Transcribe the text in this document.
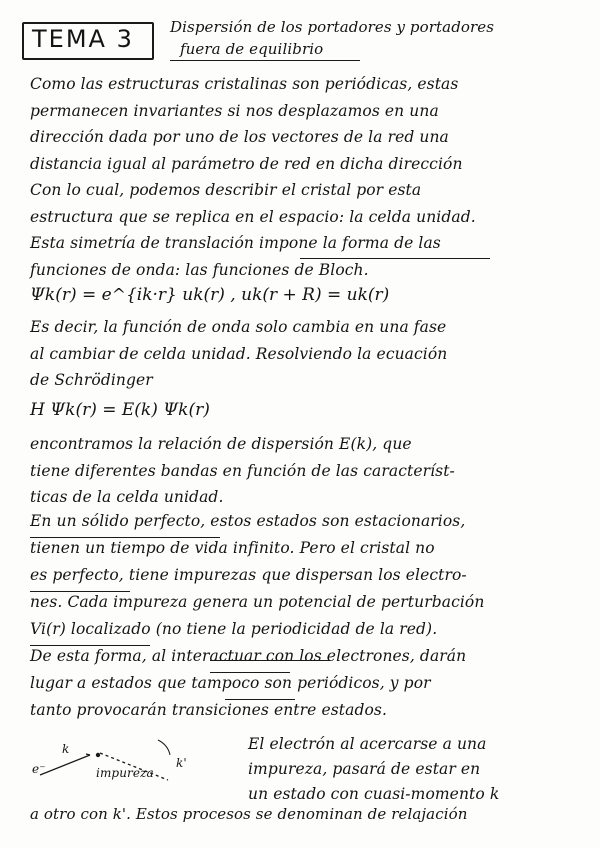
TEMA 3 Dispersión de los portadores y portadores
fuera de equilibrio
Como las estructuras cristalinas son periódicas, estas
permanecen invariantes si nos desplazamos en una
dirección dada por uno de los vectores de la red una
distancia igual al parámetro de red en dicha dirección
Con lo cual, podemos describir el cristal por esta
estructura que se replica en el espacio: la celda unidad.
Esta simetría de translación impone la forma de las
funciones de onda: las funciones de Bloch.
Es decir, la función de onda solo cambia en una fase
al cambiar de celda unidad. Resolviendo la ecuación
de Schrödinger
encontramos la relación de dispersión E(k), que
tiene diferentes bandas en función de las característ-
ticas de la celda unidad.
En un sólido perfecto, estos estados son estacionarios,
tienen un tiempo de vida infinito. Pero el cristal no
es perfecto, tiene impurezas que dispersan los electro-
nes. Cada impureza genera un potencial de perturbación
Vi(r) localizado (no tiene la periodicidad de la red).
De esta forma, al interactuar con los electrones, darán
lugar a estados que tampoco son periódicos, y por
tanto provocarán transiciones entre estados.
El electrón al acercarse a una
impureza, pasará de estar en
un estado con cuasi-momento k
a otro con k'. Estos procesos se denominan de relajación
Ψk(r) = e^{ik·r} uk(r) , uk(r + R) = uk(r)
H Ψk(r) = E(k) Ψk(r)
e⁻
k
k'
impureza
